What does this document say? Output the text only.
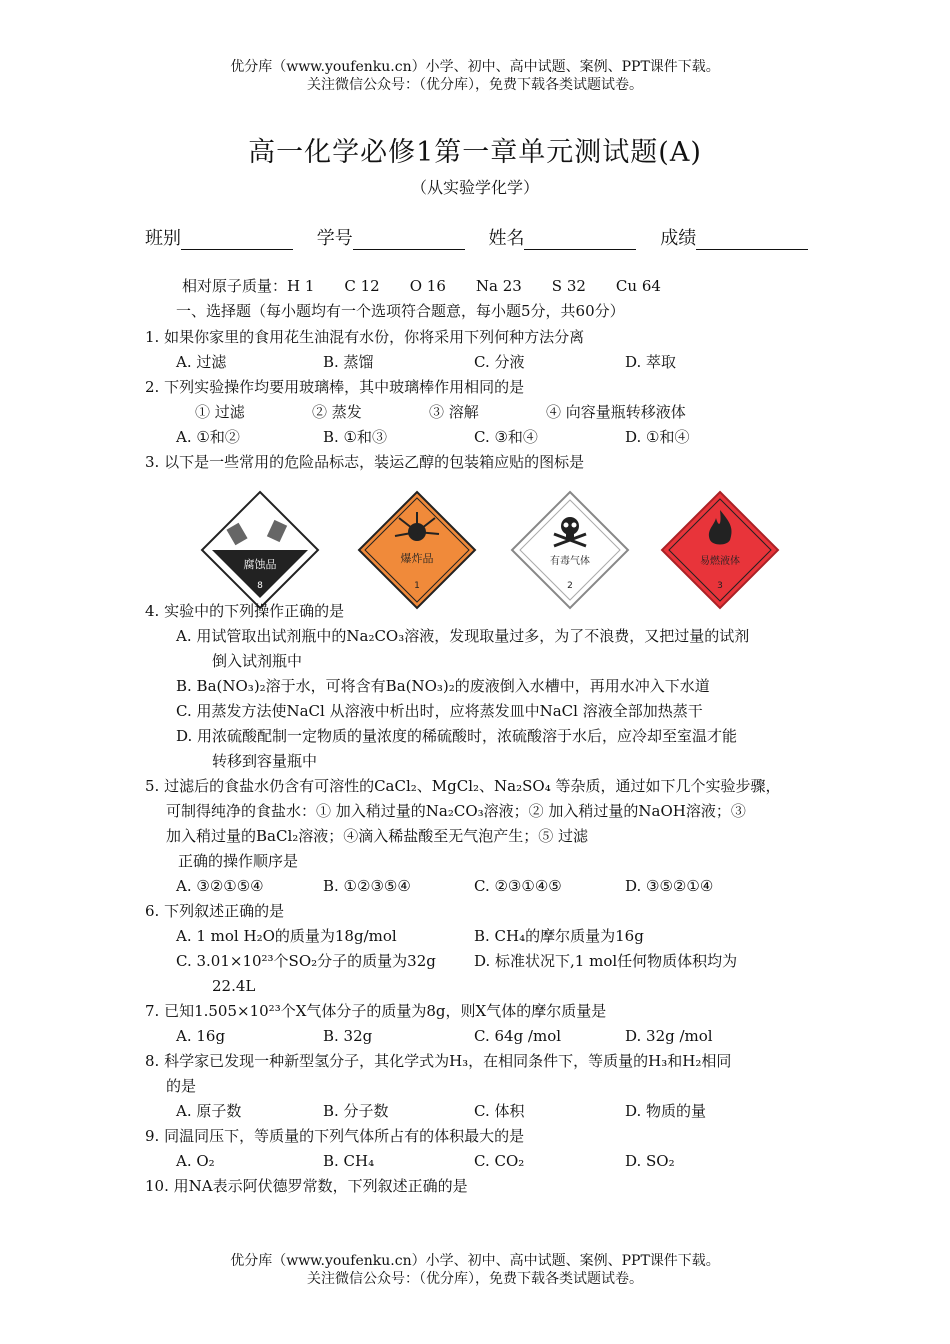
优分库（www.youfenku.cn）小学、初中、高中试题、案例、PPT课件下载。
关注微信公众号：（优分库），免费下载各类试题试卷。
高一化学必修1第一章单元测试题(A)
（从实验学化学）
班别	学号	姓名	成绩
相对原子质量：H 1　　C 12　　O 16　　Na 23　　S 32　　Cu 64
一、选择题（每小题均有一个选项符合题意，每小题5分，共60分）
1. 如果你家里的食用花生油混有水份，你将采用下列何种方法分离
A. 过滤	B. 蒸馏	C. 分液	D. 萃取
2. 下列实验操作均要用玻璃棒，其中玻璃棒作用相同的是
① 过滤	② 蒸发	③ 溶解	④ 向容量瓶转移液体
A. ①和②	B. ①和③	C. ③和④	D. ①和④
3. 以下是一些常用的危险品标志，装运乙醇的包装箱应贴的图标是
腐蚀品
8
爆炸品
1
有毒气体
2
易燃液体
3
4. 实验中的下列操作正确的是
A. 用试管取出试剂瓶中的Na₂CO₃溶液，发现取量过多，为了不浪费，又把过量的试剂
倒入试剂瓶中
B. Ba(NO₃)₂溶于水，可将含有Ba(NO₃)₂的废液倒入水槽中，再用水冲入下水道
C. 用蒸发方法使NaCl 从溶液中析出时，应将蒸发皿中NaCl 溶液全部加热蒸干
D. 用浓硫酸配制一定物质的量浓度的稀硫酸时，浓硫酸溶于水后，应冷却至室温才能
转移到容量瓶中
5. 过滤后的食盐水仍含有可溶性的CaCl₂、MgCl₂、Na₂SO₄ 等杂质，通过如下几个实验步骤，
可制得纯净的食盐水：① 加入稍过量的Na₂CO₃溶液；② 加入稍过量的NaOH溶液；③
加入稍过量的BaCl₂溶液；④滴入稀盐酸至无气泡产生；⑤ 过滤
正确的操作顺序是
A. ③②①⑤④	B. ①②③⑤④	C. ②③①④⑤	D. ③⑤②①④
6. 下列叙述正确的是
A. 1 mol H₂O的质量为18g/mol	B. CH₄的摩尔质量为16g
C. 3.01×10²³个SO₂分子的质量为32g	D. 标准状况下,1 mol任何物质体积均为
22.4L
7. 已知1.505×10²³个X气体分子的质量为8g，则X气体的摩尔质量是
A. 16g	B. 32g	C. 64g /mol	D. 32g /mol
8. 科学家已发现一种新型氢分子，其化学式为H₃，在相同条件下，等质量的H₃和H₂相同
的是
A. 原子数	B. 分子数	C. 体积	D. 物质的量
9. 同温同压下，等质量的下列气体所占有的体积最大的是
A. O₂	B. CH₄	C. CO₂	D. SO₂
10. 用NA表示阿伏德罗常数，下列叙述正确的是
优分库（www.youfenku.cn）小学、初中、高中试题、案例、PPT课件下载。
关注微信公众号：（优分库），免费下载各类试题试卷。
